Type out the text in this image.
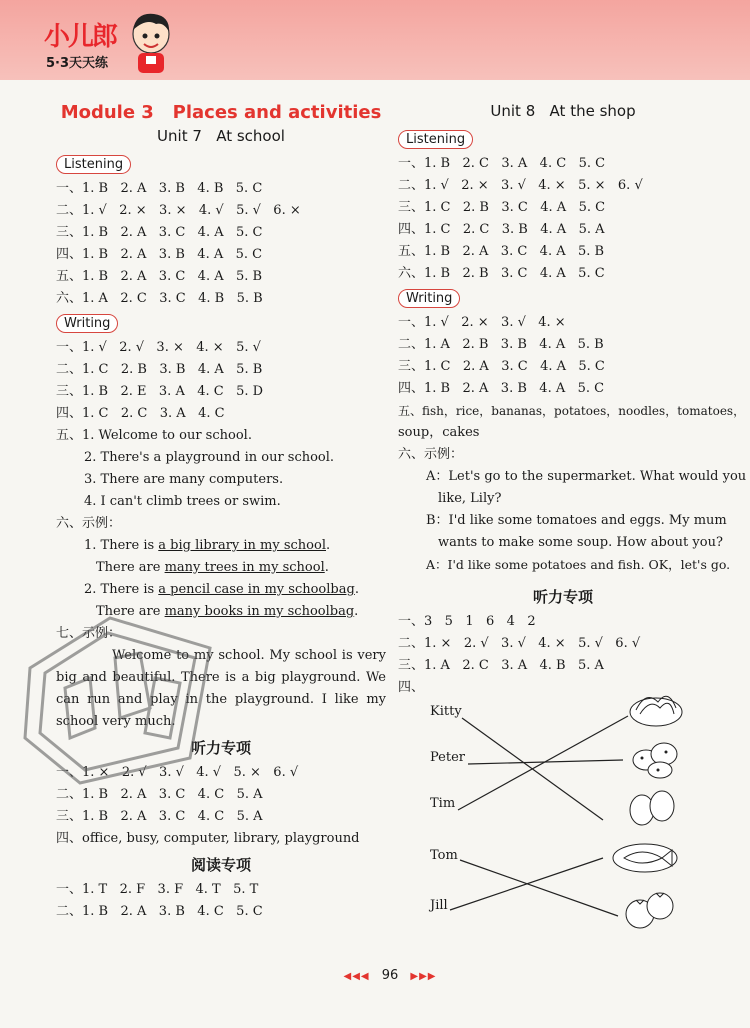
小儿郎
5·3天天练
Module 3   Places and activities
Unit 7   At school
Listening
一、1. B   2. A   3. B   4. B   5. C
二、1. √   2. ×   3. ×   4. √   5. √   6. ×
三、1. B   2. A   3. C   4. A   5. C
四、1. B   2. A   3. B   4. A   5. C
五、1. B   2. A   3. C   4. A   5. B
六、1. A   2. C   3. C   4. B   5. B
Writing
一、1. √   2. √   3. ×   4. ×   5. √
二、1. C   2. B   3. B   4. A   5. B
三、1. B   2. E   3. A   4. C   5. D
四、1. C   2. C   3. A   4. C
五、1. Welcome to our school.
2. There's a playground in our school.
3. There are many computers.
4. I can't climb trees or swim.
六、示例：
1. There is a big library in my school.
There are many trees in my school.
2. There is a pencil case in my schoolbag.
There are many books in my schoolbag.
七、示例：
Welcome to my school. My school is very big and beautiful. There is a big playground. We can run and play in the playground. I like my school very much.
听力专项
一、1. ×   2. √   3. √   4. √   5. ×   6. √
二、1. B   2. A   3. C   4. C   5. A
三、1. B   2. A   3. C   4. C   5. A
四、office, busy, computer, library, playground
阅读专项
一、1. T   2. F   3. F   4. T   5. T
二、1. B   2. A   3. B   4. C   5. C
Unit 8   At the shop
Listening
一、1. B   2. C   3. A   4. C   5. C
二、1. √   2. ×   3. √   4. ×   5. ×   6. √
三、1. C   2. B   3. C   4. A   5. C
四、1. C   2. C   3. B   4. A   5. A
五、1. B   2. A   3. C   4. A   5. B
六、1. B   2. B   3. C   4. A   5. C
Writing
一、1. √   2. ×   3. √   4. ×
二、1. A   2. B   3. B   4. A   5. B
三、1. C   2. A   3. C   4. A   5. C
四、1. B   2. A   3. B   4. A   5. C
五、fish，rice，bananas，potatoes，noodles，tomatoes，
soup，cakes
六、示例：
A：Let's go to the supermarket. What would you
like, Lily?
B：I'd like some tomatoes and eggs. My mum
wants to make some soup. How about you?
A：I'd like some potatoes and fish. OK，let's go.
听力专项
一、3   5   1   6   4   2
二、1. ×   2. √   3. √   4. ×   5. √   6. √
三、1. A   2. C   3. A   4. B   5. A
四、
Kitty
Peter
Tim
Tom
Jill
◀◀◀ 96 ▶▶▶
